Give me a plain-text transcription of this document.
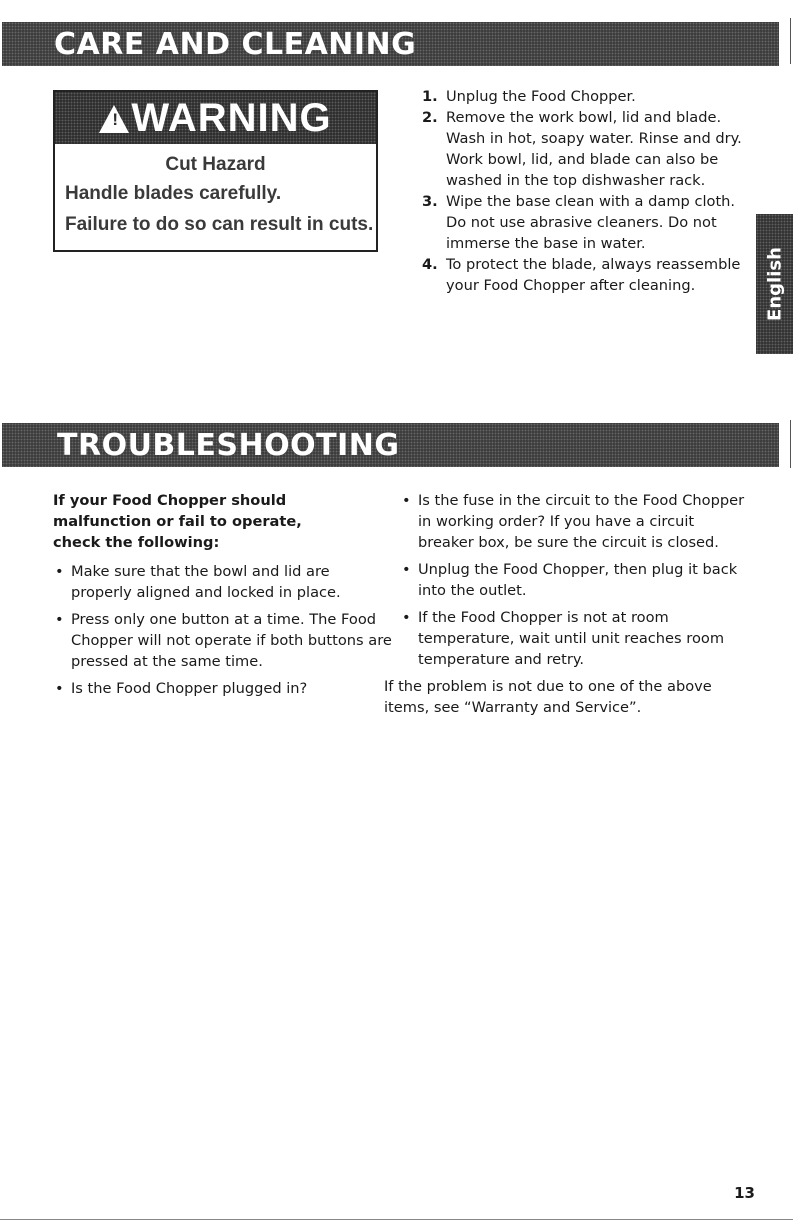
CARE AND CLEANING
! WARNING
Cut Hazard
Handle blades carefully.
Failure to do so can result in cuts.
1. Unplug the Food Chopper.
2. Remove the work bowl, lid and blade. Wash in hot, soapy water. Rinse and dry. Work bowl, lid, and blade can also be washed in the top dishwasher rack.
3. Wipe the base clean with a damp cloth. Do not use abrasive cleaners. Do not immerse the base in water.
4. To protect the blade, always reassemble your Food Chopper after cleaning.	English
TROUBLESHOOTING
If your Food Chopper should
malfunction or fail to operate,
check the following:
• Make sure that the bowl and lid are properly aligned and locked in place.
• Press only one button at a time. The Food Chopper will not operate if both buttons are pressed at the same time.
• Is the Food Chopper plugged in?
• Is the fuse in the circuit to the Food Chopper in working order? If you have a circuit breaker box, be sure the circuit is closed.
• Unplug the Food Chopper, then plug it back into the outlet.
• If the Food Chopper is not at room temperature, wait until unit reaches room temperature and retry.
If the problem is not due to one of the above items, see “Warranty and Service”.
13
